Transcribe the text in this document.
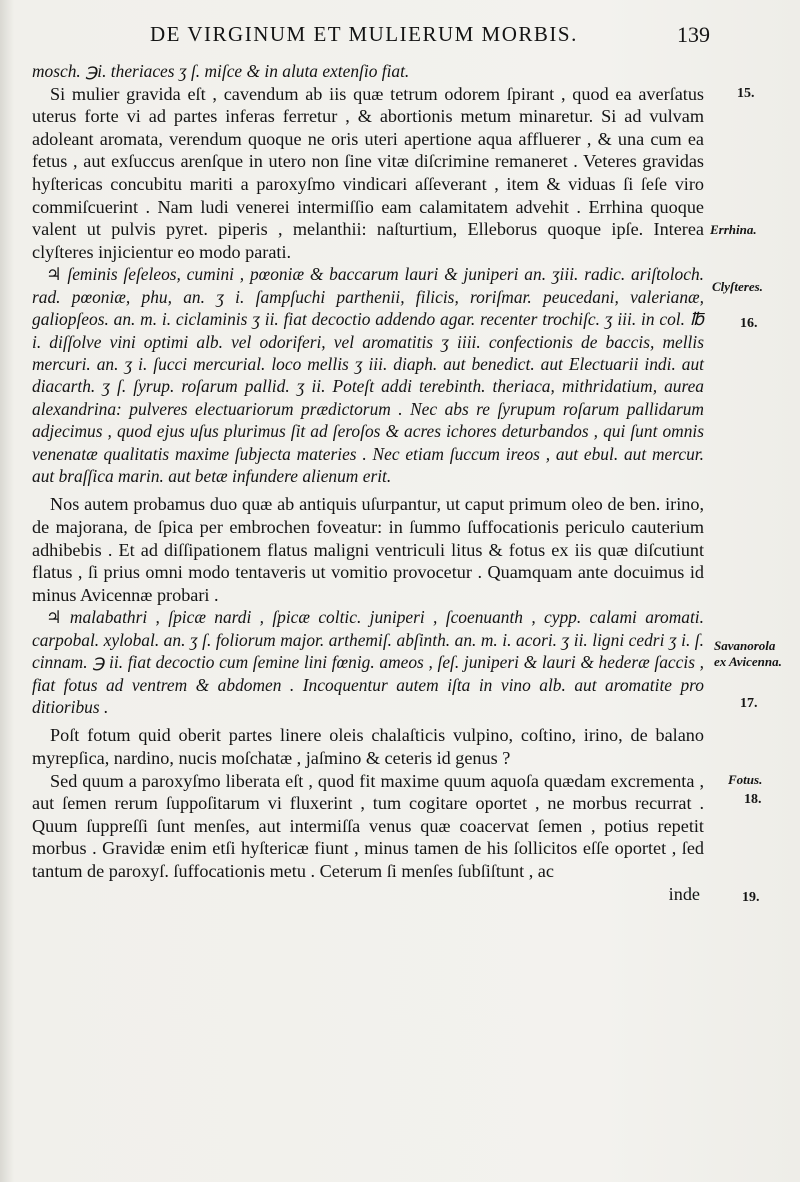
DE VIRGINUM ET MULIERUM MORBIS.	139

mosch. ℈i. theriaces ʒ ſ. miſce & in aluta extenſio fiat.

Si mulier gravida eſt , cavendum ab iis quæ tetrum odorem ſpirant , quod ea averſatus uterus forte vi ad partes inferas ferretur , & abortionis metum minaretur. Si ad vulvam adoleant aromata, verendum quoque ne oris uteri apertione aqua affluerer , & una cum ea fetus , aut exſuccus arenſque in utero non ſine vitæ diſcrimine remaneret . Veteres gravidas hyſtericas concubitu mariti a paroxyſmo vindicari aſſeverant , item & viduas ſi ſeſe viro commiſcuerint . Nam ludi venerei intermiſſio eam calamitatem advehit . Errhina quoque valent ut pulvis pyret. piperis , melanthii: naſturtium, Elleborus quoque ipſe. Interea clyſteres injicientur eo modo parati.

♃ ſeminis ſeſeleos, cumini , pœoniæ & baccarum lauri & juniperi an. ʒiii. radic. ariſtoloch. rad. pœoniæ, phu, an. ʒ i. ſampſuchi parthenii, filicis, roriſmar. peucedani, valerianæ, galiopſeos. an. m. i. ciclaminis ʒ ii. fiat decoctio addendo agar. recenter trochiſc. ʒ iii. in col. ℔ i. diſſolve vini optimi alb. vel odoriferi, vel aromatitis ʒ iiii. confectionis de baccis, mellis mercuri. an. ʒ i. ſucci mercurial. loco mellis ʒ iii. diaph. aut benedict. aut Electuarii indi. aut diacarth. ʒ ſ. ſyrup. roſarum pallid. ʒ ii. Poteſt addi terebinth. theriaca, mithridatium, aurea alexandrina: pulveres electuariorum prædictorum . Nec abs re ſyrupum roſarum pallidarum adjecimus , quod ejus uſus plurimus ſit ad ſeroſos & acres ichores deturbandos , qui ſunt omnis venenatæ qualitatis maxime ſubjecta materies . Nec etiam ſuccum ireos , aut ebul. aut mercur. aut braſſica marin. aut betæ infundere alienum erit.

Nos autem probamus duo quæ ab antiquis uſurpantur, ut caput primum oleo de ben. irino, de majorana, de ſpica per embrochen foveatur: in ſummo ſuffocationis periculo cauterium adhibebis . Et ad diſſipationem flatus maligni ventriculi litus & fotus ex iis quæ diſcutiunt flatus , ſi prius omni modo tentaveris ut vomitio provocetur . Quamquam ante docuimus id minus Avicennæ probari .

♃ malabathri , ſpicæ nardi , ſpicæ coltic. juniperi , ſcoenuanth , cypp. calami aromati. carpobal. xylobal. an. ʒ ſ. foliorum major. arthemiſ. abſinth. an. m. i. acori. ʒ ii. ligni cedri ʒ i. ſ. cinnam. ℈ ii. fiat decoctio cum ſemine lini fœnig. ameos , ſeſ. juniperi & lauri & hederæ ſaccis , fiat fotus ad ventrem & abdomen . Incoquentur autem iſta in vino alb. aut aromatite pro ditioribus .

Poſt fotum quid oberit partes linere oleis chalaſticis vulpino, coſtino, irino, de balano myrepſica, nardino, nucis moſchatæ , jaſmino & ceteris id genus ?

Sed quum a paroxyſmo liberata eſt , quod fit maxime quum aquoſa quædam excrementa , aut ſemen rerum ſuppoſitarum vi fluxerint , tum cogitare oportet , ne morbus recurrat . Quum ſuppreſſi ſunt menſes, aut intermiſſa venus quæ coacervat ſemen , potius repetit morbus . Gravidæ enim etſi hyſtericæ fiunt , minus tamen de his ſollicitos eſſe oportet , ſed tantum de paroxyſ. ſuffocationis metu . Ceterum ſi menſes ſubſiſtunt , ac

inde
15.
Errhina.
Clyſteres.
16.
Savanorola ex Avicenna.
17.
Fotus.
18.
19.
